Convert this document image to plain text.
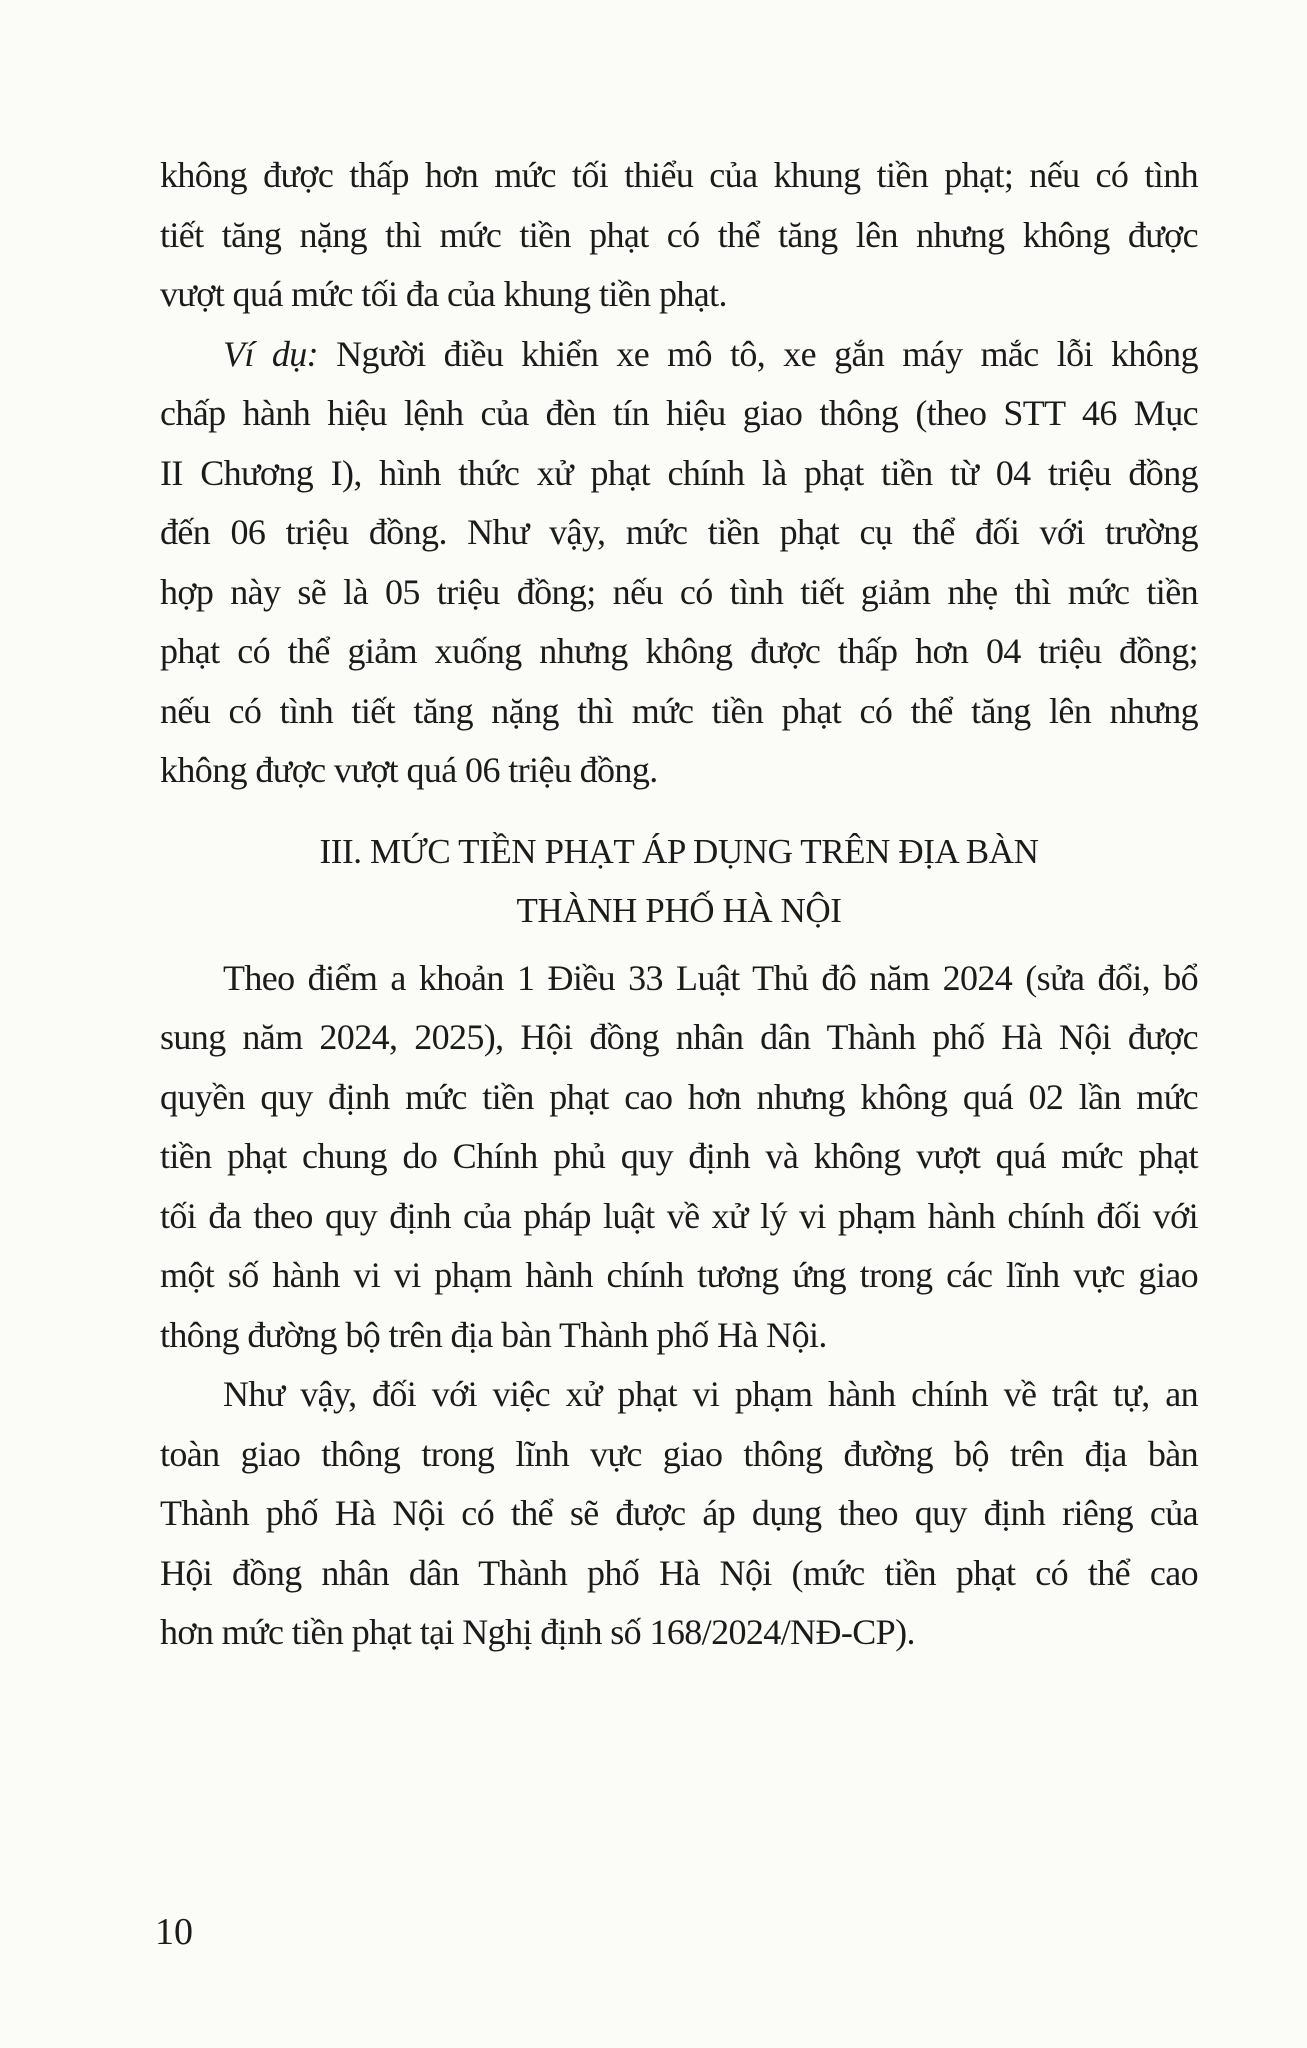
không được thấp hơn mức tối thiểu của khung tiền phạt; nếu có tình
tiết tăng nặng thì mức tiền phạt có thể tăng lên nhưng không được
vượt quá mức tối đa của khung tiền phạt.
Ví dụ: Người điều khiển xe mô tô, xe gắn máy mắc lỗi không
chấp hành hiệu lệnh của đèn tín hiệu giao thông (theo STT 46 Mục
II Chương I), hình thức xử phạt chính là phạt tiền từ 04 triệu đồng
đến 06 triệu đồng. Như vậy, mức tiền phạt cụ thể đối với trường
hợp này sẽ là 05 triệu đồng; nếu có tình tiết giảm nhẹ thì mức tiền
phạt có thể giảm xuống nhưng không được thấp hơn 04 triệu đồng;
nếu có tình tiết tăng nặng thì mức tiền phạt có thể tăng lên nhưng
không được vượt quá 06 triệu đồng.
III. MỨC TIỀN PHẠT ÁP DỤNG TRÊN ĐỊA BÀN
THÀNH PHỐ HÀ NỘI
Theo điểm a khoản 1 Điều 33 Luật Thủ đô năm 2024 (sửa đổi, bổ
sung năm 2024, 2025), Hội đồng nhân dân Thành phố Hà Nội được
quyền quy định mức tiền phạt cao hơn nhưng không quá 02 lần mức
tiền phạt chung do Chính phủ quy định và không vượt quá mức phạt
tối đa theo quy định của pháp luật về xử lý vi phạm hành chính đối với
một số hành vi vi phạm hành chính tương ứng trong các lĩnh vực giao
thông đường bộ trên địa bàn Thành phố Hà Nội.
Như vậy, đối với việc xử phạt vi phạm hành chính về trật tự, an
toàn giao thông trong lĩnh vực giao thông đường bộ trên địa bàn
Thành phố Hà Nội có thể sẽ được áp dụng theo quy định riêng của
Hội đồng nhân dân Thành phố Hà Nội (mức tiền phạt có thể cao
hơn mức tiền phạt tại Nghị định số 168/2024/NĐ-CP).
10
